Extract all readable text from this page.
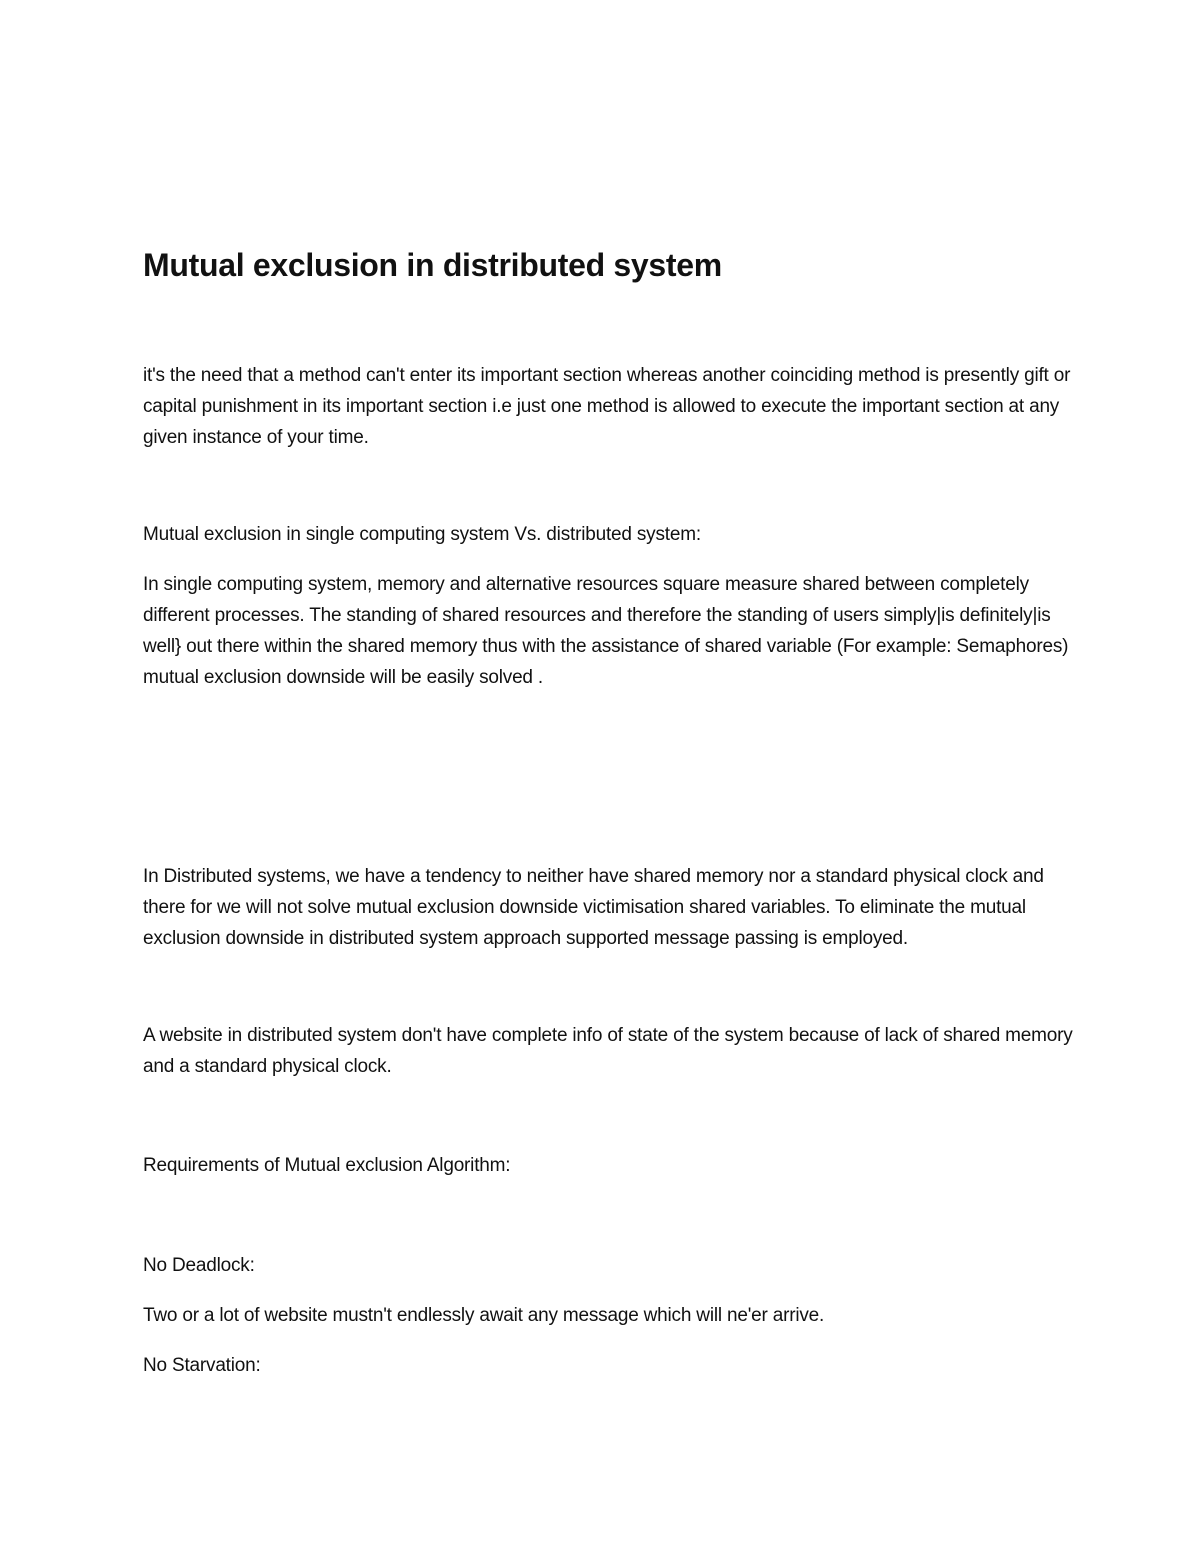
Mutual exclusion in distributed system

it's the need that a method can't enter its important section whereas another coinciding method is presently gift or capital punishment in its important section i.e just one method is allowed to execute the important section at any given instance of your time.

Mutual exclusion in single computing system Vs. distributed system:

In single computing system, memory and alternative resources square measure shared between completely different processes. The standing of shared resources and therefore the standing of users simply|is definitely|is well} out there within the shared memory thus with the assistance of shared variable (For example: Semaphores) mutual exclusion downside will be easily solved .

In Distributed systems, we have a tendency to neither have shared memory nor a standard physical clock and there for we will not solve mutual exclusion downside victimisation shared variables. To eliminate the mutual exclusion downside in distributed system approach supported message passing is employed.

A website in distributed system don't have complete info of state of the system because of lack of shared memory and a standard physical clock.

Requirements of Mutual exclusion Algorithm:

No Deadlock:

Two or a lot of website mustn't endlessly await any message which will ne'er arrive.

No Starvation:
